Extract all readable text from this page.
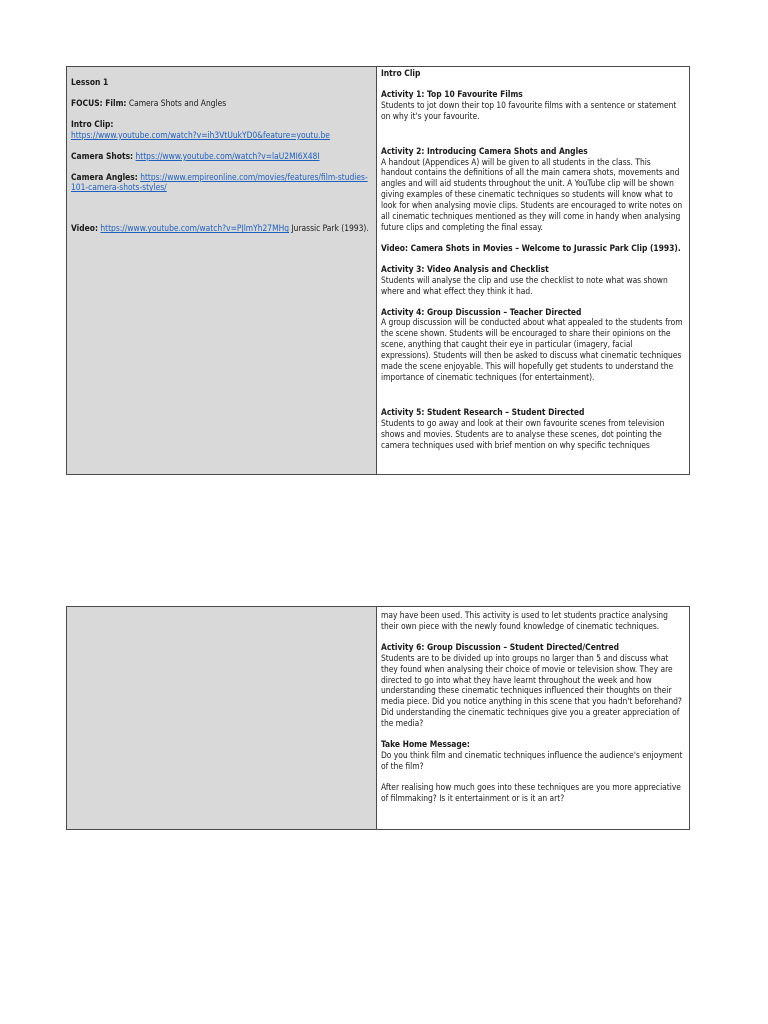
Lesson 1

FOCUS: Film: Camera Shots and Angles

Intro Clip:

https://www.youtube.com/watch?v=ih3VtUukYD0&feature=youtu.be

Camera Shots: https://www.youtube.com/watch?v=laU2MI6X48I

Camera Angles: https://www.empireonline.com/movies/features/film-studies-101-camera-shots-styles/

Video: https://www.youtube.com/watch?v=PJlmYh27MHg Jurassic Park (1993).

Intro Clip

Activity 1: Top 10 Favourite Films

Students to jot down their top 10 favourite films with a sentence or statement on why it's your favourite.

Activity 2: Introducing Camera Shots and Angles

A handout (Appendices A) will be given to all students in the class. This handout contains the definitions of all the main camera shots, movements and angles and will aid students throughout the unit. A YouTube clip will be shown giving examples of these cinematic techniques so students will know what to look for when analysing movie clips. Students are encouraged to write notes on all cinematic techniques mentioned as they will come in handy when analysing future clips and completing the final essay.

Video: Camera Shots in Movies – Welcome to Jurassic Park Clip (1993).

Activity 3: Video Analysis and Checklist

Students will analyse the clip and use the checklist to note what was shown where and what effect they think it had.

Activity 4: Group Discussion – Teacher Directed

A group discussion will be conducted about what appealed to the students from the scene shown. Students will be encouraged to share their opinions on the scene, anything that caught their eye in particular (imagery, facial expressions). Students will then be asked to discuss what cinematic techniques made the scene enjoyable. This will hopefully get students to understand the importance of cinematic techniques (for entertainment).

Activity 5: Student Research – Student Directed

Students to go away and look at their own favourite scenes from television shows and movies. Students are to analyse these scenes, dot pointing the camera techniques used with brief mention on why specific techniques

may have been used. This activity is used to let students practice analysing their own piece with the newly found knowledge of cinematic techniques.

Activity 6: Group Discussion – Student Directed/Centred

Students are to be divided up into groups no larger than 5 and discuss what they found when analysing their choice of movie or television show. They are directed to go into what they have learnt throughout the week and how understanding these cinematic techniques influenced their thoughts on their media piece. Did you notice anything in this scene that you hadn't beforehand? Did understanding the cinematic techniques give you a greater appreciation of the media?

Take Home Message:

Do you think film and cinematic techniques influence the audience's enjoyment of the film?

After realising how much goes into these techniques are you more appreciative of filmmaking? Is it entertainment or is it an art?
